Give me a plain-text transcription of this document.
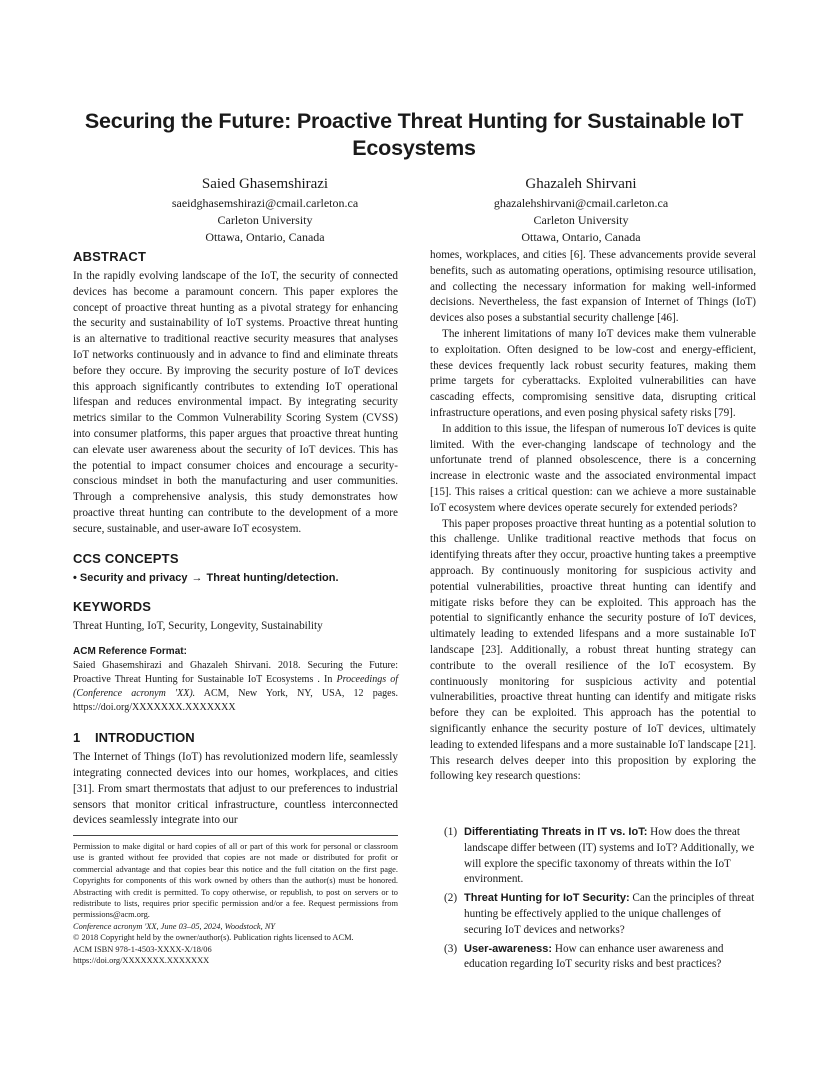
Securing the Future: Proactive Threat Hunting for Sustainable IoT Ecosystems
Saied Ghasemshirazi
saeidghasemshirazi@cmail.carleton.ca
Carleton University
Ottawa, Ontario, Canada
Ghazaleh Shirvani
ghazalehshirvani@cmail.carleton.ca
Carleton University
Ottawa, Ontario, Canada
ABSTRACT

In the rapidly evolving landscape of the IoT, the security of connected devices has become a paramount concern. This paper explores the concept of proactive threat hunting as a pivotal strategy for enhancing the security and sustainability of IoT systems. Proactive threat hunting is an alternative to traditional reactive security measures that analyses IoT networks continuously and in advance to find and eliminate threats before they occure. By improving the security posture of IoT devices this approach significantly contributes to extending IoT operational lifespan and reduces environmental impact. By integrating security metrics similar to the Common Vulnerability Scoring System (CVSS) into consumer platforms, this paper argues that proactive threat hunting can elevate user awareness about the security of IoT devices. This has the potential to impact consumer choices and encourage a security-conscious mindset in both the manufacturing and user communities. Through a comprehensive analysis, this study demonstrates how proactive threat hunting can contribute to the development of a more secure, sustainable, and user-aware IoT ecosystem.

CCS CONCEPTS

• Security and privacy → Threat hunting/detection.

KEYWORDS

Threat Hunting, IoT, Security, Longevity, Sustainability

ACM Reference Format:

Saied Ghasemshirazi and Ghazaleh Shirvani. 2018. Securing the Future: Proactive Threat Hunting for Sustainable IoT Ecosystems . In Proceedings of (Conference acronym 'XX). ACM, New York, NY, USA, 12 pages. https://doi.org/XXXXXXX.XXXXXXX

1 INTRODUCTION

The Internet of Things (IoT) has revolutionized modern life, seamlessly integrating connected devices into our homes, workplaces, and cities [31]. From smart thermostats that adjust to our preferences to industrial sensors that monitor critical infrastructure, countless interconnected devices seamlessly integrate into our

homes, workplaces, and cities [6]. These advancements provide several benefits, such as automating operations, optimising resource utilisation, and collecting the necessary information for making well-informed decisions. Nevertheless, the fast expansion of Internet of Things (IoT) devices also poses a substantial security challenge [46].

The inherent limitations of many IoT devices make them vulnerable to exploitation. Often designed to be low-cost and energy-efficient, these devices frequently lack robust security features, making them prime targets for cyberattacks. Exploited vulnerabilities can have cascading effects, compromising sensitive data, disrupting critical infrastructure operations, and even posing physical safety risks [79].

In addition to this issue, the lifespan of numerous IoT devices is quite limited. With the ever-changing landscape of technology and the unfortunate trend of planned obsolescence, there is a concerning increase in electronic waste and the associated environmental impact [15]. This raises a critical question: can we achieve a more sustainable IoT ecosystem where devices operate securely for extended periods?

This paper proposes proactive threat hunting as a potential solution to this challenge. Unlike traditional reactive methods that focus on identifying threats after they occur, proactive hunting takes a preemptive approach. By continuously monitoring for suspicious activity and potential vulnerabilities, proactive threat hunting can identify and mitigate risks before they can be exploited. This approach has the potential to significantly enhance the security posture of IoT devices, ultimately leading to extended lifespans and a more sustainable IoT landscape [23]. Additionally, a robust threat hunting strategy can contribute to the overall resilience of the IoT ecosystem. By continuously monitoring for suspicious activity and potential vulnerabilities, proactive threat hunting can identify and mitigate risks before they can be exploited. This approach has the potential to significantly enhance the security posture of IoT devices, ultimately leading to extended lifespans and a more sustainable IoT landscape [21]. This research delves deeper into this proposition by exploring the following key research questions:

(1) Differentiating Threats in IT vs. IoT: How does the threat landscape differ between (IT) systems and IoT? Additionally, we will explore the specific taxonomy of threats within the IoT environment.
(2) Threat Hunting for IoT Security: Can the principles of threat hunting be effectively applied to the unique challenges of securing IoT devices and networks?
(3) User-awareness: How can enhance user awareness and education regarding IoT security risks and best practices?
Permission to make digital or hard copies of all or part of this work for personal or classroom use is granted without fee provided that copies are not made or distributed for profit or commercial advantage and that copies bear this notice and the full citation on the first page. Copyrights for components of this work owned by others than the author(s) must be honored. Abstracting with credit is permitted. To copy otherwise, or republish, to post on servers or to redistribute to lists, requires prior specific permission and/or a fee. Request permissions from permissions@acm.org.
Conference acronym 'XX, June 03–05, 2024, Woodstock, NY
© 2018 Copyright held by the owner/author(s). Publication rights licensed to ACM.
ACM ISBN 978-1-4503-XXXX-X/18/06
https://doi.org/XXXXXXX.XXXXXXX
